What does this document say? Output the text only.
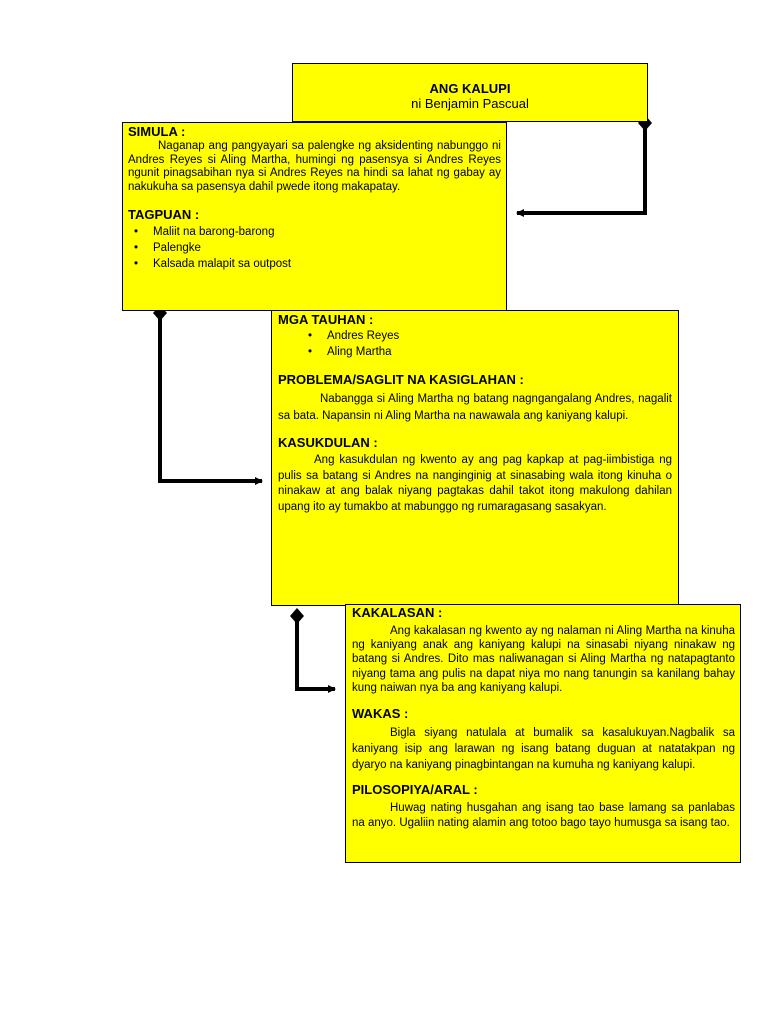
ANG KALUPI
ni Benjamin Pascual
SIMULA :

Naganap ang pangyayari sa palengke ng aksidenting nabunggo ni Andres Reyes si Aling Martha, humingi ng pasensya si Andres Reyes ngunit pinagsabihan nya si Andres Reyes na hindi sa lahat ng gabay ay nakukuha sa pasensya dahil pwede itong makapatay.

TAGPUAN :
• Maliit na barong-barong
• Palengke
• Kalsada malapit sa outpost
MGA TAUHAN :
• Andres Reyes
• Aling Martha
PROBLEMA/SAGLIT NA KASIGLAHAN :

Nabangga si Aling Martha ng batang nagngangalang Andres, nagalit sa bata. Napansin ni Aling Martha na nawawala ang kaniyang kalupi.

KASUKDULAN :

Ang kasukdulan ng kwento ay ang pag kapkap at pag-iimbistiga ng pulis sa batang si Andres na nanginginig at sinasabing wala itong kinuha o ninakaw at ang balak niyang pagtakas dahil takot itong makulong dahilan upang ito ay tumakbo at mabunggo ng rumaragasang sasakyan.

KAKALASAN :

Ang kakalasan ng kwento ay ng nalaman ni Aling Martha na kinuha ng kaniyang anak ang kaniyang kalupi na sinasabi niyang ninakaw ng batang si Andres. Dito mas naliwanagan si Aling Martha ng natapagtanto niyang tama ang pulis na dapat niya mo nang tanungin sa kanilang bahay kung naiwan nya ba ang kaniyang kalupi.

WAKAS :

Bigla siyang natulala at bumalik sa kasalukuyan.Nagbalik sa kaniyang isip ang larawan ng isang batang duguan at natatakpan ng dyaryo na kaniyang pinagbintangan na kumuha ng kaniyang kalupi.

PILOSOPIYA/ARAL :

Huwag nating husgahan ang isang tao base lamang sa panlabas na anyo. Ugaliin nating alamin ang totoo bago tayo humusga sa isang tao.
